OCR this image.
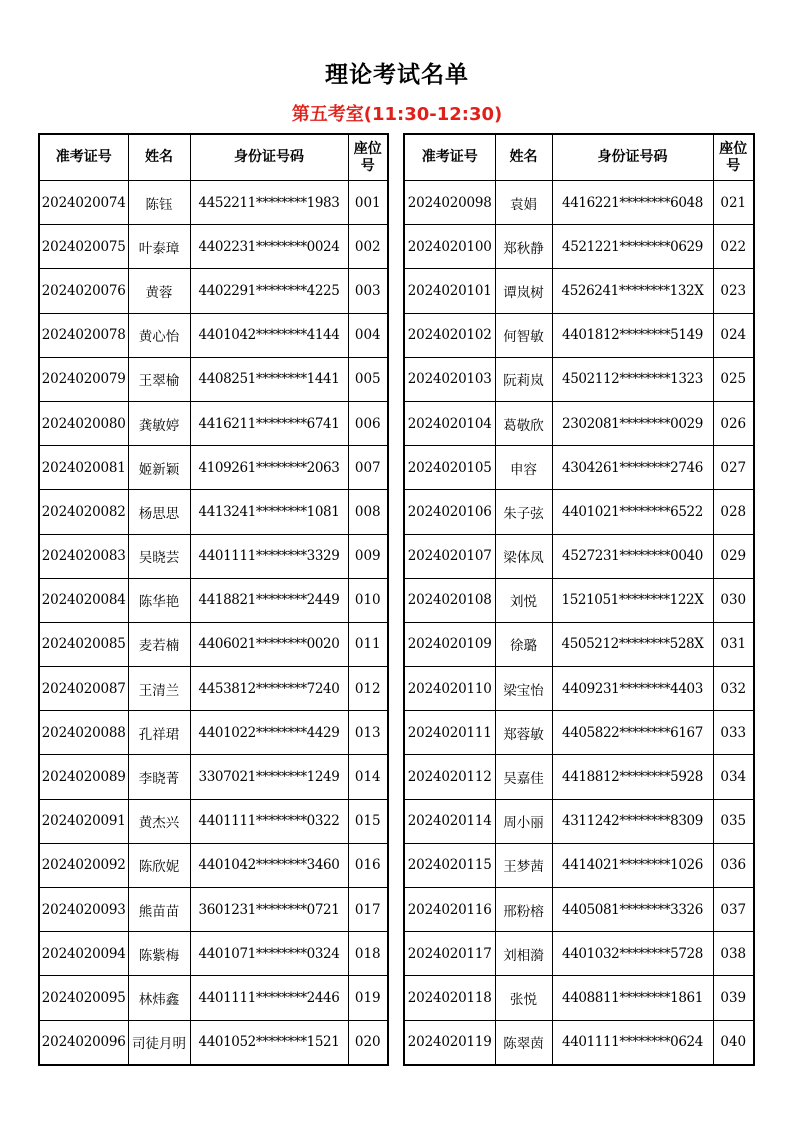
理论考试名单
第五考室(11:30-12:30)
准考证号	姓名	身份证号码	座位
号
2024020074	陈钰	4452211********1983	001
2024020075	叶泰璋	4402231********0024	002
2024020076	黄蓉	4402291********4225	003
2024020078	黄心怡	4401042********4144	004
2024020079	王翠榆	4408251********1441	005
2024020080	龚敏婷	4416211********6741	006
2024020081	姬新颖	4109261********2063	007
2024020082	杨思思	4413241********1081	008
2024020083	吴晓芸	4401111********3329	009
2024020084	陈华艳	4418821********2449	010
2024020085	麦若楠	4406021********0020	011
2024020087	王清兰	4453812********7240	012
2024020088	孔祥珺	4401022********4429	013
2024020089	李晓菁	3307021********1249	014
2024020091	黄杰兴	4401111********0322	015
2024020092	陈欣妮	4401042********3460	016
2024020093	熊苗苗	3601231********0721	017
2024020094	陈紫梅	4401071********0324	018
2024020095	林炜鑫	4401111********2446	019
2024020096	司徒月明	4401052********1521	020
准考证号	姓名	身份证号码	座位
号
2024020098	袁娟	4416221********6048	021
2024020100	郑秋静	4521221********0629	022
2024020101	谭岚树	4526241********132X	023
2024020102	何智敏	4401812********5149	024
2024020103	阮莉岚	4502112********1323	025
2024020104	葛敬欣	2302081********0029	026
2024020105	申容	4304261********2746	027
2024020106	朱子弦	4401021********6522	028
2024020107	梁体凤	4527231********0040	029
2024020108	刘悦	1521051********122X	030
2024020109	徐璐	4505212********528X	031
2024020110	梁宝怡	4409231********4403	032
2024020111	郑蓉敏	4405822********6167	033
2024020112	吴嘉佳	4418812********5928	034
2024020114	周小丽	4311242********8309	035
2024020115	王梦茜	4414021********1026	036
2024020116	邢粉榕	4405081********3326	037
2024020117	刘相漪	4401032********5728	038
2024020118	张悦	4408811********1861	039
2024020119	陈翠茵	4401111********0624	040
